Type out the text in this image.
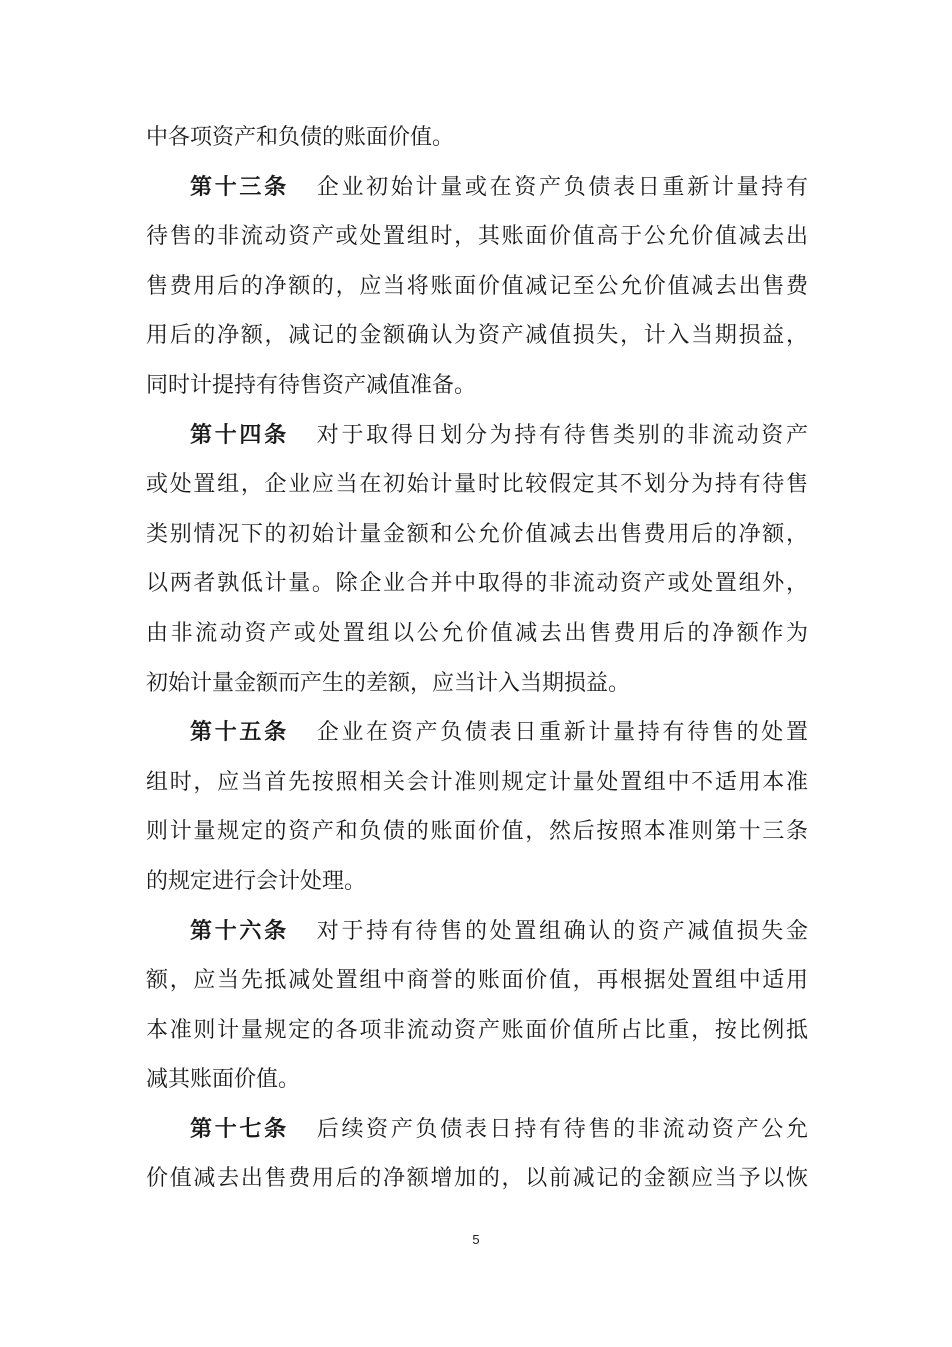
中各项资产和负债的账面价值。
第十三条 企业初始计量或在资产负债表日重新计量持有
待售的非流动资产或处置组时，其账面价值高于公允价值减去出
售费用后的净额的，应当将账面价值减记至公允价值减去出售费
用后的净额，减记的金额确认为资产减值损失，计入当期损益，
同时计提持有待售资产减值准备。
第十四条 对于取得日划分为持有待售类别的非流动资产
或处置组，企业应当在初始计量时比较假定其不划分为持有待售
类别情况下的初始计量金额和公允价值减去出售费用后的净额，
以两者孰低计量。除企业合并中取得的非流动资产或处置组外，
由非流动资产或处置组以公允价值减去出售费用后的净额作为
初始计量金额而产生的差额，应当计入当期损益。
第十五条 企业在资产负债表日重新计量持有待售的处置
组时，应当首先按照相关会计准则规定计量处置组中不适用本准
则计量规定的资产和负债的账面价值，然后按照本准则第十三条
的规定进行会计处理。
第十六条 对于持有待售的处置组确认的资产减值损失金
额，应当先抵减处置组中商誉的账面价值，再根据处置组中适用
本准则计量规定的各项非流动资产账面价值所占比重，按比例抵
减其账面价值。
第十七条 后续资产负债表日持有待售的非流动资产公允
价值减去出售费用后的净额增加的，以前减记的金额应当予以恢
5
